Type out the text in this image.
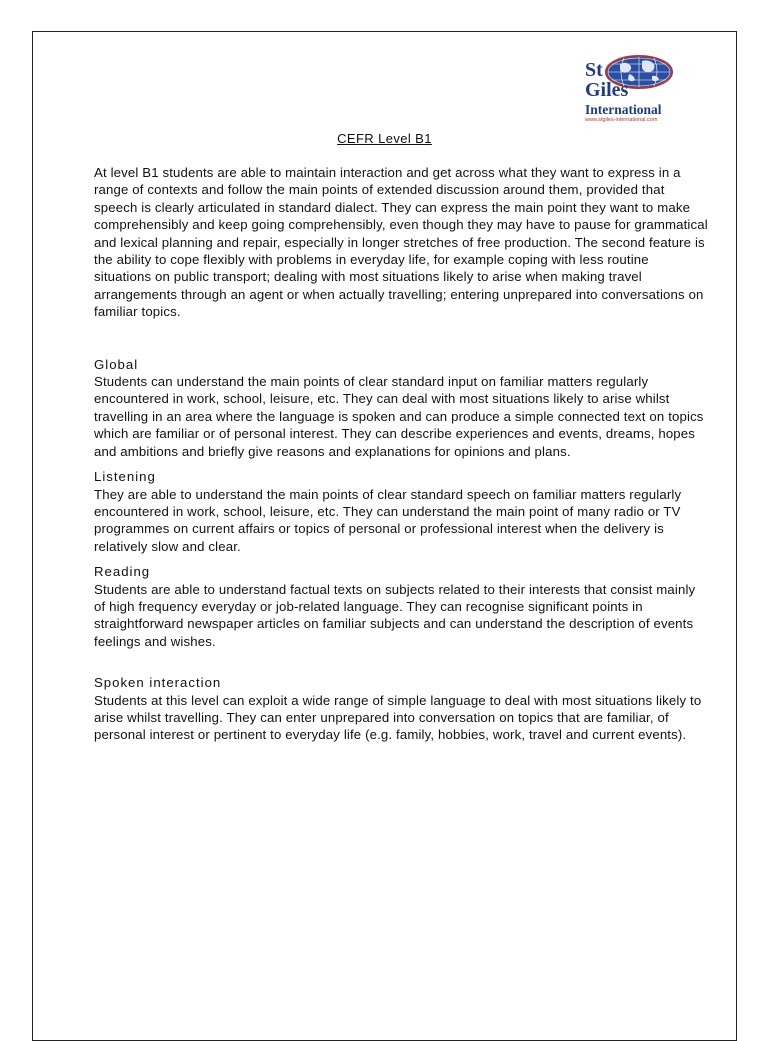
St
Giles
International
www.stgiles-international.com
CEFR Level B1

At level B1 students are able to maintain interaction and get across what they want to express in a range of contexts and follow the main points of extended discussion around them, provided that speech is clearly articulated in standard dialect. They can express the main point they want to make comprehensibly and keep going comprehensibly, even though they may have to pause for grammatical and lexical planning and repair, especially in longer stretches of free production. The second feature is the ability to cope flexibly with problems in everyday life, for example coping with less routine situations on public transport; dealing with most situations likely to arise when making travel arrangements through an agent or when actually travelling; entering unprepared into conversations on familiar topics.

Global

Students can understand the main points of clear standard input on familiar matters regularly encountered in work, school, leisure, etc. They can deal with most situations likely to arise whilst travelling in an area where the language is spoken and can produce a simple connected text on topics which are familiar or of personal interest. They can describe experiences and events, dreams, hopes and ambitions and briefly give reasons and explanations for opinions and plans.

Listening

They are able to understand the main points of clear standard speech on familiar matters regularly encountered in work, school, leisure, etc. They can understand the main point of many radio or TV programmes on current affairs or topics of personal or professional interest when the delivery is relatively slow and clear.

Reading

Students are able to understand factual texts on subjects related to their interests that consist mainly of high frequency everyday or job-related language. They can recognise significant points in straightforward newspaper articles on familiar subjects and can understand the description of events feelings and wishes.

Spoken interaction

Students at this level can exploit a wide range of simple language to deal with most situations likely to arise whilst travelling. They can enter unprepared into conversation on topics that are familiar, of personal interest or pertinent to everyday life (e.g. family, hobbies, work, travel and current events).
